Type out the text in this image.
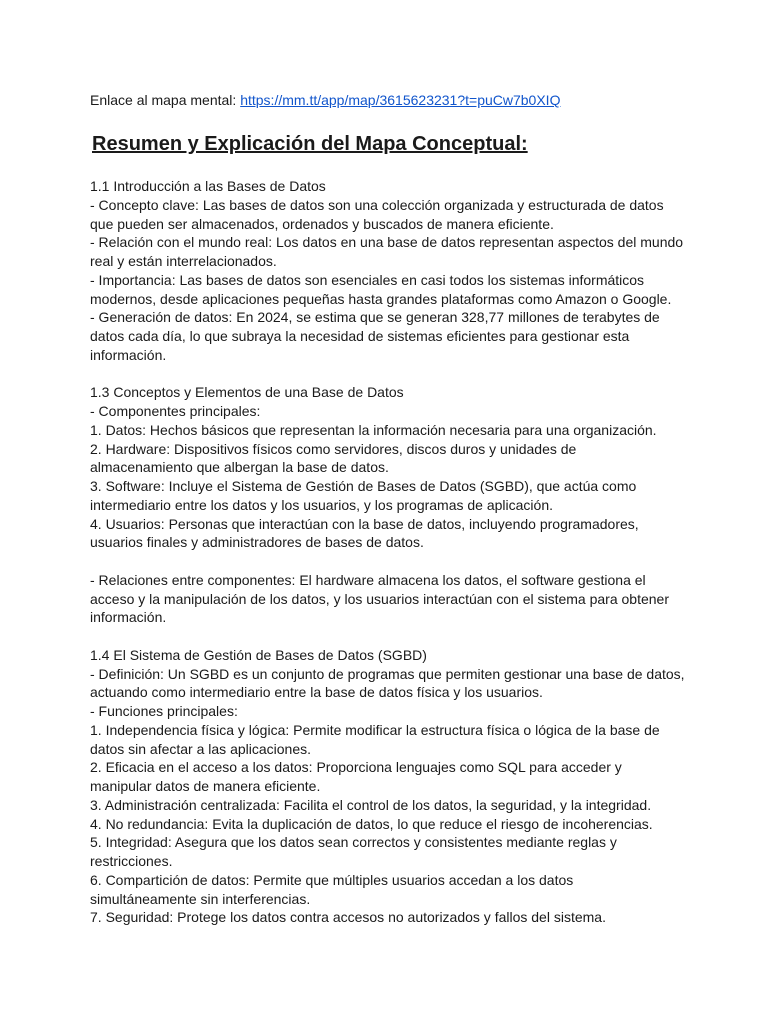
Enlace al mapa mental: https://mm.tt/app/map/3615623231?t=puCw7b0XIQ

Resumen y Explicación del Mapa Conceptual:

1.1 Introducción a las Bases de Datos

- Concepto clave: Las bases de datos son una colección organizada y estructurada de datos

que pueden ser almacenados, ordenados y buscados de manera eficiente.

- Relación con el mundo real: Los datos en una base de datos representan aspectos del mundo

real y están interrelacionados.

- Importancia: Las bases de datos son esenciales en casi todos los sistemas informáticos

modernos, desde aplicaciones pequeñas hasta grandes plataformas como Amazon o Google.

- Generación de datos: En 2024, se estima que se generan 328,77 millones de terabytes de

datos cada día, lo que subraya la necesidad de sistemas eficientes para gestionar esta

información.

1.3 Conceptos y Elementos de una Base de Datos

- Componentes principales:

1. Datos: Hechos básicos que representan la información necesaria para una organización.

2. Hardware: Dispositivos físicos como servidores, discos duros y unidades de

almacenamiento que albergan la base de datos.

3. Software: Incluye el Sistema de Gestión de Bases de Datos (SGBD), que actúa como

intermediario entre los datos y los usuarios, y los programas de aplicación.

4. Usuarios: Personas que interactúan con la base de datos, incluyendo programadores,

usuarios finales y administradores de bases de datos.

- Relaciones entre componentes: El hardware almacena los datos, el software gestiona el

acceso y la manipulación de los datos, y los usuarios interactúan con el sistema para obtener

información.

1.4 El Sistema de Gestión de Bases de Datos (SGBD)

- Definición: Un SGBD es un conjunto de programas que permiten gestionar una base de datos,

actuando como intermediario entre la base de datos física y los usuarios.

- Funciones principales:

1. Independencia física y lógica: Permite modificar la estructura física o lógica de la base de

datos sin afectar a las aplicaciones.

2. Eficacia en el acceso a los datos: Proporciona lenguajes como SQL para acceder y

manipular datos de manera eficiente.

3. Administración centralizada: Facilita el control de los datos, la seguridad, y la integridad.

4. No redundancia: Evita la duplicación de datos, lo que reduce el riesgo de incoherencias.

5. Integridad: Asegura que los datos sean correctos y consistentes mediante reglas y

restricciones.

6. Compartición de datos: Permite que múltiples usuarios accedan a los datos

simultáneamente sin interferencias.

7. Seguridad: Protege los datos contra accesos no autorizados y fallos del sistema.
